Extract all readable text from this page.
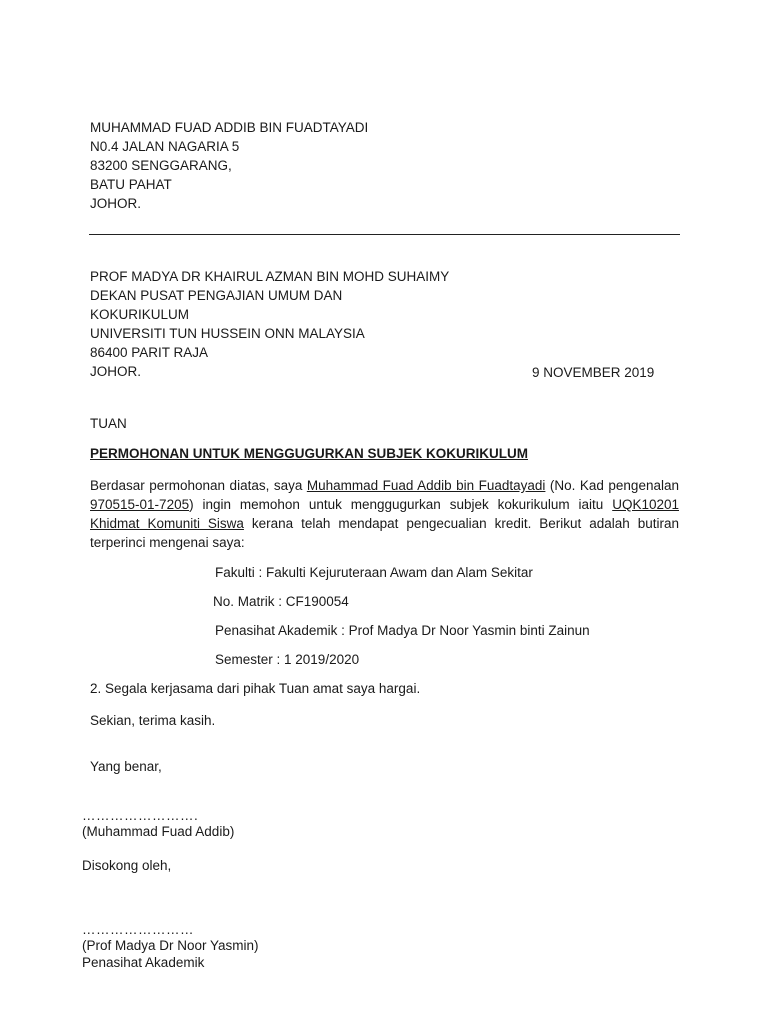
MUHAMMAD FUAD ADDIB BIN FUADTAYADI
N0.4 JALAN NAGARIA 5
83200 SENGGARANG,
BATU PAHAT
JOHOR.
PROF MADYA DR KHAIRUL AZMAN BIN MOHD SUHAIMY
DEKAN PUSAT PENGAJIAN UMUM DAN
KOKURIKULUM
UNIVERSITI TUN HUSSEIN ONN MALAYSIA
86400 PARIT RAJA
JOHOR.	9 NOVEMBER 2019
TUAN
PERMOHONAN UNTUK MENGGUGURKAN SUBJEK KOKURIKULUM
Berdasar permohonan diatas, saya Muhammad Fuad Addib bin Fuadtayadi (No. Kad pengenalan 970515-01-7205) ingin memohon untuk menggugurkan subjek kokurikulum iaitu UQK10201 Khidmat Komuniti Siswa kerana telah mendapat pengecualian kredit. Berikut adalah butiran terperinci mengenai saya:
Fakulti : Fakulti Kejuruteraan Awam dan Alam Sekitar
No. Matrik : CF190054
Penasihat Akademik : Prof Madya Dr Noor Yasmin binti Zainun
Semester : 1 2019/2020
2. Segala kerjasama dari pihak Tuan amat saya hargai.
Sekian, terima kasih.
Yang benar,
…………………….
(Muhammad Fuad Addib)
Disokong oleh,
……………………
(Prof Madya Dr Noor Yasmin)
Penasihat Akademik
